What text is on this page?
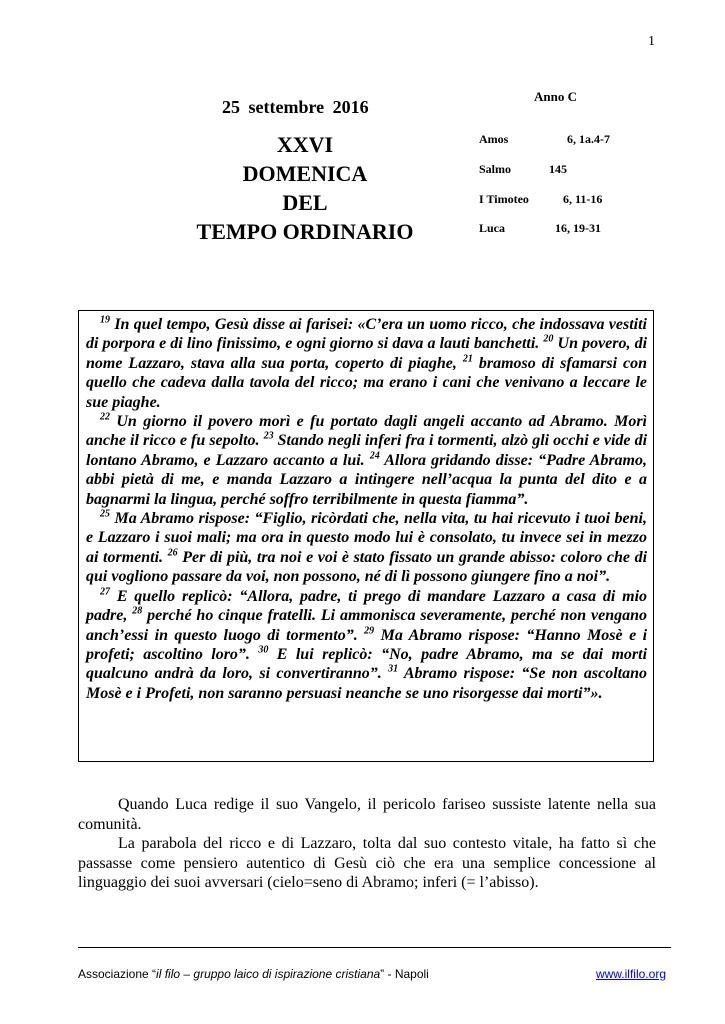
1
25 settembre 2016
XXVI
DOMENICA
DEL
TEMPO ORDINARIO
Anno C
Amos	6, 1a.4-7
Salmo	145
I Timoteo	6, 11-16
Luca	16, 19-31

$^{19}$ In quel tempo, Gesù disse ai farisei: «C’era un uomo ricco, che indossava vestiti di porpora e di lino finissimo, e ogni giorno si dava a lauti banchetti. $^{20}$ Un povero, di nome Lazzaro, stava alla sua porta, coperto di piaghe, $^{21}$ bramoso di sfamarsi con quello che cadeva dalla tavola del ricco; ma erano i cani che venivano a leccare le sue piaghe.

$^{22}$ Un giorno il povero morì e fu portato dagli angeli accanto ad Abramo. Morì anche il ricco e fu sepolto. $^{23}$ Stando negli inferi fra i tormenti, alzò gli occhi e vide di lontano Abramo, e Lazzaro accanto a lui. $^{24}$ Allora gridando disse: “Padre Abramo, abbi pietà di me, e manda Lazzaro a intingere nell’acqua la punta del dito e a bagnarmi la lingua, perché soffro terribilmente in questa fiamma”.

$^{25}$ Ma Abramo rispose: “Figlio, ricòrdati che, nella vita, tu hai ricevuto i tuoi beni, e Lazzaro i suoi mali; ma ora in questo modo lui è consolato, tu invece sei in mezzo ai tormenti. $^{26}$ Per di più, tra noi e voi è stato fissato un grande abisso: coloro che di qui vogliono passare da voi, non possono, né di lì possono giungere fino a noi”.

$^{27}$ E quello replicò: “Allora, padre, ti prego di mandare Lazzaro a casa di mio padre, $^{28}$ perché ho cinque fratelli. Li ammonisca severamente, perché non vengano anch’essi in questo luogo di tormento”. $^{29}$ Ma Abramo rispose: “Hanno Mosè e i profeti; ascoltino loro”. $^{30}$ E lui replicò: “No, padre Abramo, ma se dai morti qualcuno andrà da loro, si convertiranno”. $^{31}$ Abramo rispose: “Se non ascoltano Mosè e i Profeti, non saranno persuasi neanche se uno risorgesse dai morti”».

Quando Luca redige il suo Vangelo, il pericolo fariseo sussiste latente nella sua comunità.

La parabola del ricco e di Lazzaro, tolta dal suo contesto vitale, ha fatto sì che passasse come pensiero autentico di Gesù ciò che era una semplice concessione al linguaggio dei suoi avversari (cielo=seno di Abramo; inferi (= l’abisso).

Associazione “il filo – gruppo laico di ispirazione cristiana” - Napoli	www.ilfilo.org
